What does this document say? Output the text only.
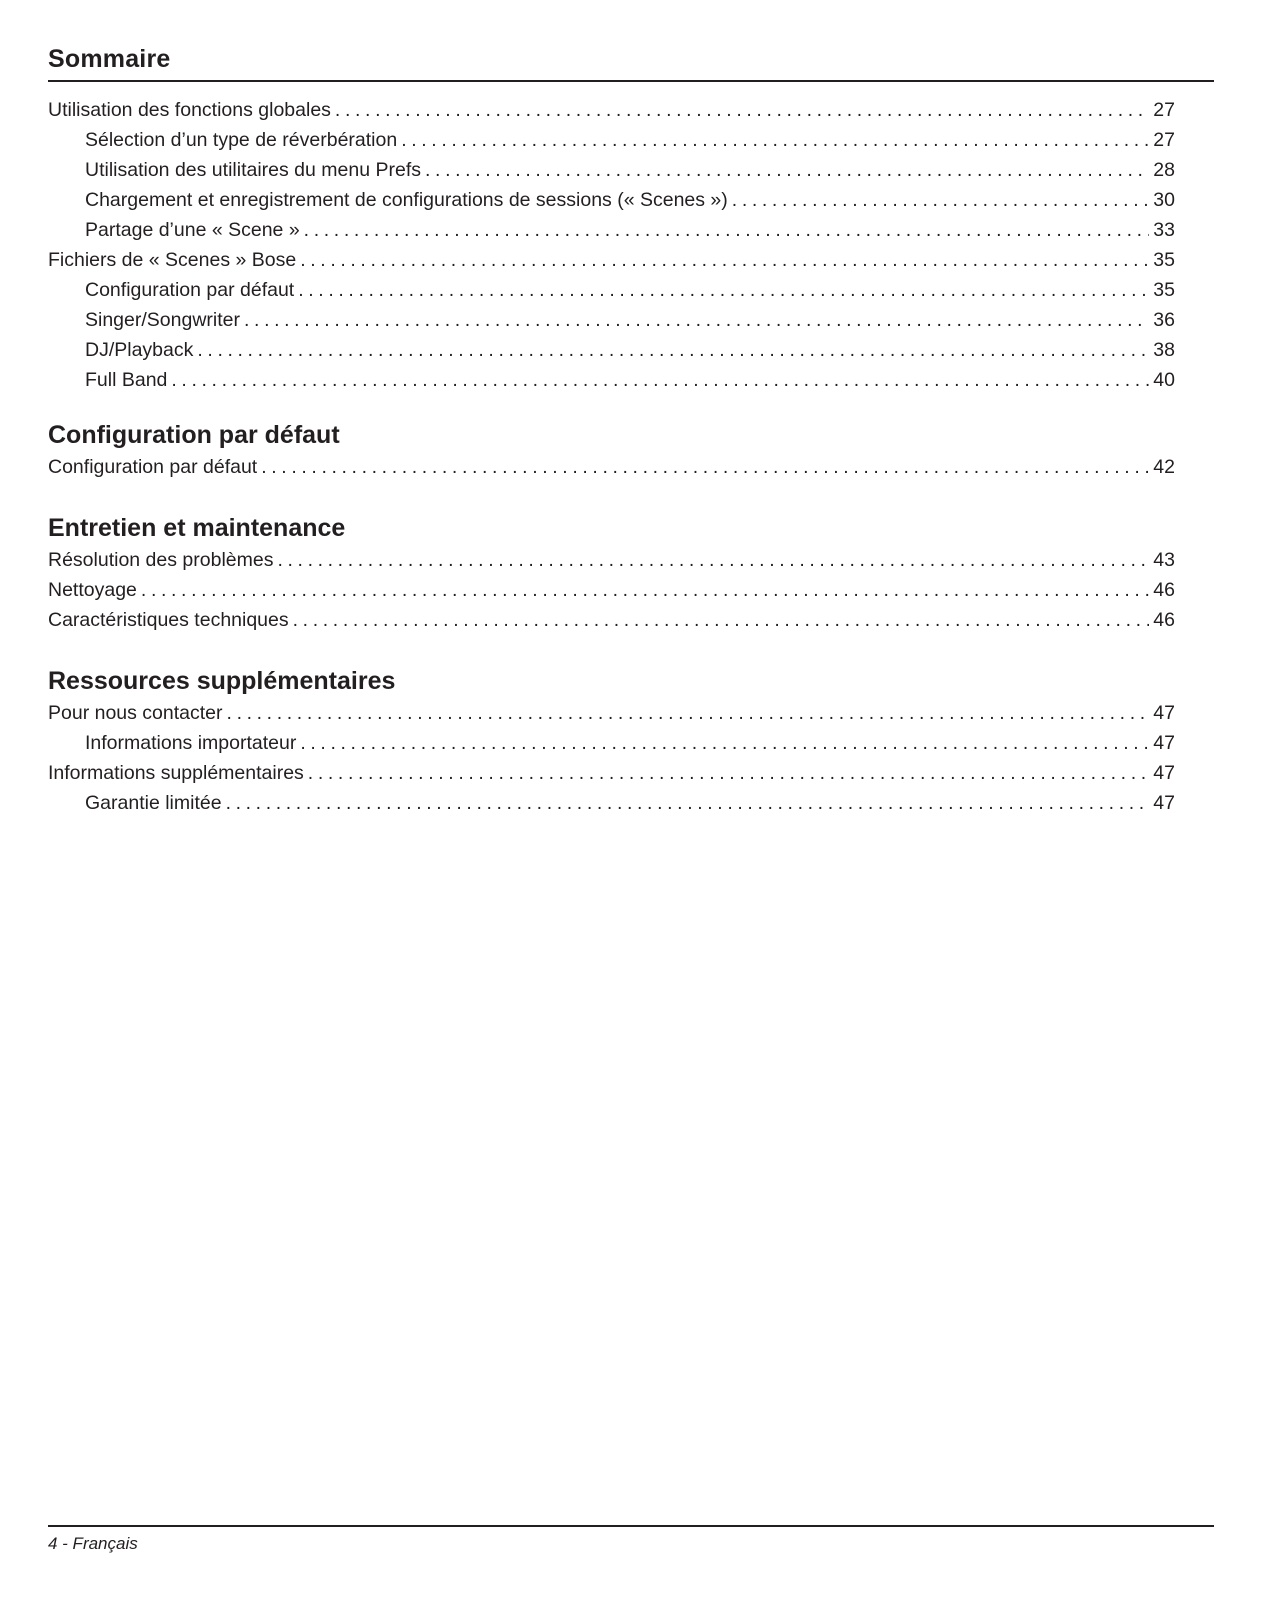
Sommaire
Utilisation des fonctions globales . . .	27
Sélection d’un type de réverbération . . .	27
Utilisation des utilitaires du menu Prefs . . .	28
Chargement et enregistrement de configurations de sessions (« Scenes ») . . .	30
Partage d’une « Scene » . . .	33
Fichiers de « Scenes » Bose . . .	35
Configuration par défaut . . .	35
Singer/Songwriter . . .	36
DJ/Playback . . .	38
Full Band . . .	40
Configuration par défaut
Configuration par défaut . . .	42
Entretien et maintenance
Résolution des problèmes . . .	43
Nettoyage . . .	46
Caractéristiques techniques . . .	46
Ressources supplémentaires
Pour nous contacter . . .	47
Informations importateur . . .	47
Informations supplémentaires . . .	47
Garantie limitée . . .	47
4 - Français
